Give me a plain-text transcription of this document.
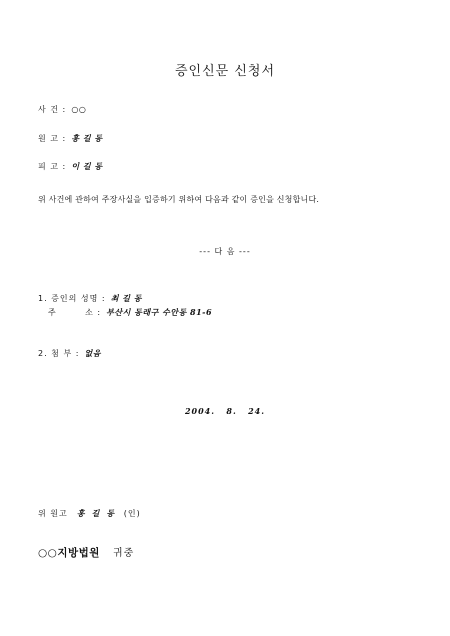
증인신문 신청서
사 건 : ○○
원 고 : 홍 길 동
피 고 : 이 길 동
위 사건에 관하여 주장사실을 입증하기 위하여 다음과 같이 증인을 신청합니다.
--- 다 음 ---
1. 증인의 성명 : 최 길 동
주        소 : 부산시 동래구 수안동 81-6
2. 첨 부 : 없음
2004.   8.   24.
위 원고 홍  길  동 (인)
○○지방법원 귀중
